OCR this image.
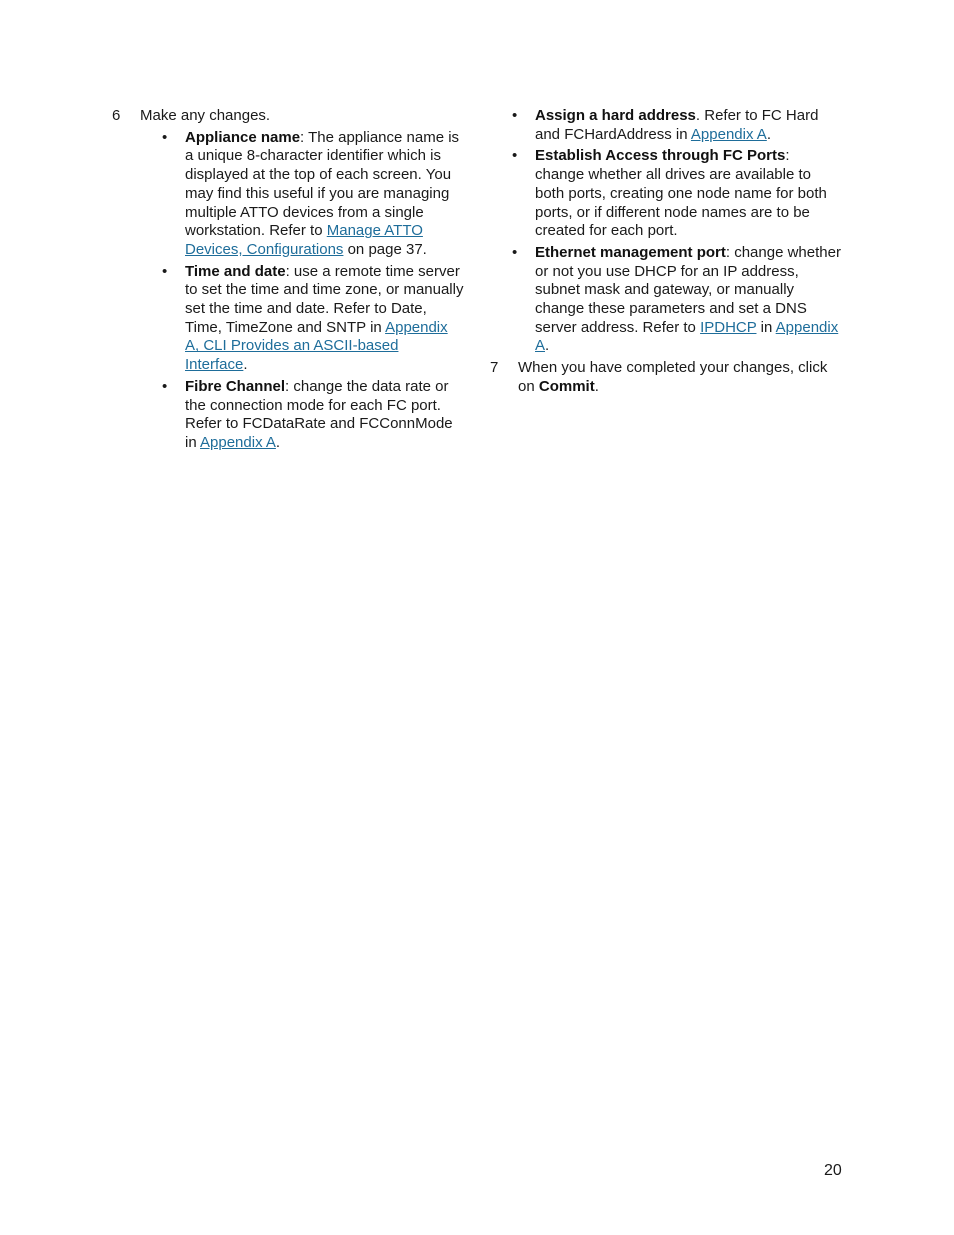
6 Make any changes.
• Appliance name: The appliance name is a unique 8-character identifier which is displayed at the top of each screen. You may find this useful if you are managing multiple ATTO devices from a single workstation. Refer to Manage ATTO Devices, Configurations on page 37.
• Time and date: use a remote time server to set the time and time zone, or manually set the time and date. Refer to Date, Time, TimeZone and SNTP in Appendix A, CLI Provides an ASCII-based Interface.
• Fibre Channel: change the data rate or the connection mode for each FC port. Refer to FCDataRate and FCConnMode in Appendix A.
• Assign a hard address. Refer to FC Hard and FCHardAddress in Appendix A.
• Establish Access through FC Ports: change whether all drives are available to both ports, creating one node name for both ports, or if different node names are to be created for each port.
• Ethernet management port: change whether or not you use DHCP for an IP address, subnet mask and gateway, or manually change these parameters and set a DNS server address. Refer to IPDHCP in Appendix A.
7 When you have completed your changes, click on Commit.
20
